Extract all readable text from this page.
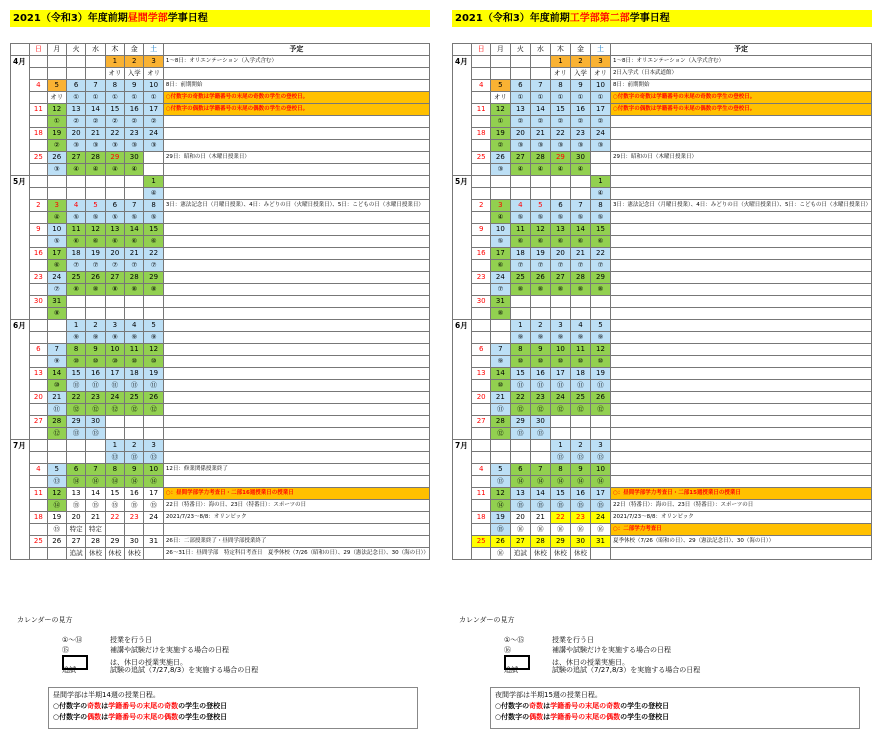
2021（令和3）年度前期昼間学部学事日程
	日	月	火	水	木	金	土	予定
4月					1	2	3	1〜8日：オリエンテーション（入学式含む）
					オリ	入学	オリ	
	4	5	6	7	8	9	10	8日：前期開始
		オリ	①	①	①	①	①	○付数字の奇数は学籍番号の末尾の奇数の学生の登校日。
	11	12	13	14	15	16	17	○付数字の偶数は学籍番号の末尾の偶数の学生の登校日。
		①	②	②	②	②	②	
	18	19	20	21	22	23	24	
		②	③	③	③	③	③	
	25	26	27	28	29	30		29日：昭和の日（木曜日授業日）
		③	④	④	④	④		
5月							1	
							④	
	2	3	4	5	6	7	8	3日：憲法記念日（月曜日授業）、4日：みどりの日（火曜日授業日）、5日：こどもの日（水曜日授業日）
		④	⑤	⑤	⑤	⑤	⑤	
	9	10	11	12	13	14	15	
		⑤	⑥	⑥	⑥	⑥	⑥	
	16	17	18	19	20	21	22	
		⑥	⑦	⑦	⑦	⑦	⑦	
	23	24	25	26	27	28	29	
		⑦	⑧	⑧	⑧	⑧	⑧	
	30	31						
		⑧						
6月			1	2	3	4	5	
			⑨	⑨	⑨	⑨	⑨	
	6	7	8	9	10	11	12	
		⑨	⑩	⑩	⑩	⑩	⑩	
	13	14	15	16	17	18	19	
		⑩	⑪	⑪	⑪	⑪	⑪	
	20	21	22	23	24	25	26	
		⑪	⑫	⑫	⑫	⑫	⑫	
	27	28	29	30				
		⑫	⑬	⑬				
7月					1	2	3	
					⑬	⑬	⑬	
	4	5	6	7	8	9	10	12日：修業関係授業終了
		⑬	⑭	⑭	⑭	⑭	⑭	
	11	12	13	14	15	16	17	○：昼間学部学力考査日・二部16週授業日の授業日
		⑭	⑮	⑮	⑮	⑮	⑮	22日（特番日）：海の日、23日（特番日）：スポーツの日
	18	19	20	21	22	23	24	2021/7/23〜8/8：オリンピック
		⑮	特定	特定				
	25	26	27	28	29	30	31	26日：二部授業終了・昼間学部授業終了
			追試	休校	休校	休校		26〜31日：昼間学部　特定科目考査日　夏季休校（7/26（昭和の日）、29（憲法記念日）、30（海の日））
カレンダーの見方
①〜⑭	授業を行う日
⑮	補講や試験だけを実施する場合の日程
は、休日の授業実施日。
追試	試験の追試（7/27,8/3）を実施する場合の日程
昼間学部は半期14週の授業日程。
○付数字の奇数は学籍番号の末尾の奇数の学生の登校日
○付数字の偶数は学籍番号の末尾の偶数の学生の登校日
2021（令和3）年度前期工学部第二部学事日程
	日	月	火	水	木	金	土	予定
4月					1	2	3	1〜8日：オリエンテーション（入学式含む）
					オリ	入学	オリ	2日入学式（日本武道館）
	4	5	6	7	8	9	10	8日：前期開始
		オリ	①	①	①	①	①	○付数字の奇数は学籍番号の末尾の奇数の学生の登校日。
	11	12	13	14	15	16	17	○付数字の偶数は学籍番号の末尾の偶数の学生の登校日。
		①	②	②	②	②	②	
	18	19	20	21	22	23	24	
		②	③	③	③	③	③	
	25	26	27	28	29	30		29日：昭和の日（木曜日授業日）
		③	④	④	④	④		
5月							1	
							④	
	2	3	4	5	6	7	8	3日：憲法記念日（月曜日授業）、4日：みどりの日（火曜日授業日）、5日：こどもの日（水曜日授業日）
		④	⑤	⑤	⑤	⑤	⑤	
	9	10	11	12	13	14	15	
		⑤	⑥	⑥	⑥	⑥	⑥	
	16	17	18	19	20	21	22	
		⑥	⑦	⑦	⑦	⑦	⑦	
	23	24	25	26	27	28	29	
		⑦	⑧	⑧	⑧	⑧	⑧	
	30	31						
		⑧						
6月			1	2	3	4	5	
			⑨	⑨	⑨	⑨	⑨	
	6	7	8	9	10	11	12	
		⑨	⑩	⑩	⑩	⑩	⑩	
	13	14	15	16	17	18	19	
		⑩	⑪	⑪	⑪	⑪	⑪	
	20	21	22	23	24	25	26	
		⑪	⑫	⑫	⑫	⑫	⑫	
	27	28	29	30				
		⑫	⑬	⑬				
7月					1	2	3	
					⑬	⑬	⑬	
	4	5	6	7	8	9	10	
		⑬	⑭	⑭	⑭	⑭	⑭	
	11	12	13	14	15	16	17	○：昼間学部学力考査日・二部15週授業日の授業日
		⑭	⑮	⑮	⑮	⑮	⑮	22日（特番日）：海の日、23日（特番日）：スポーツの日
	18	19	20	21	22	23	24	2021/7/23〜8/8：オリンピック
		⑮	⑯	⑯	⑯	⑯	⑯	○：二部学力考査日
	25	26	27	28	29	30	31	夏季休校（7/26（昭和の日）、29（憲法記念日）、30（海の日））
		⑯	追試	休校	休校	休校		
カレンダーの見方
①〜⑮	授業を行う日
⑯	補講や試験だけを実施する場合の日程
は、休日の授業実施日。
追試	試験の追試（7/27,8/3）を実施する場合の日程
夜間学部は半期15週の授業日程。
○付数字の奇数は学籍番号の末尾の奇数の学生の登校日
○付数字の偶数は学籍番号の末尾の偶数の学生の登校日
